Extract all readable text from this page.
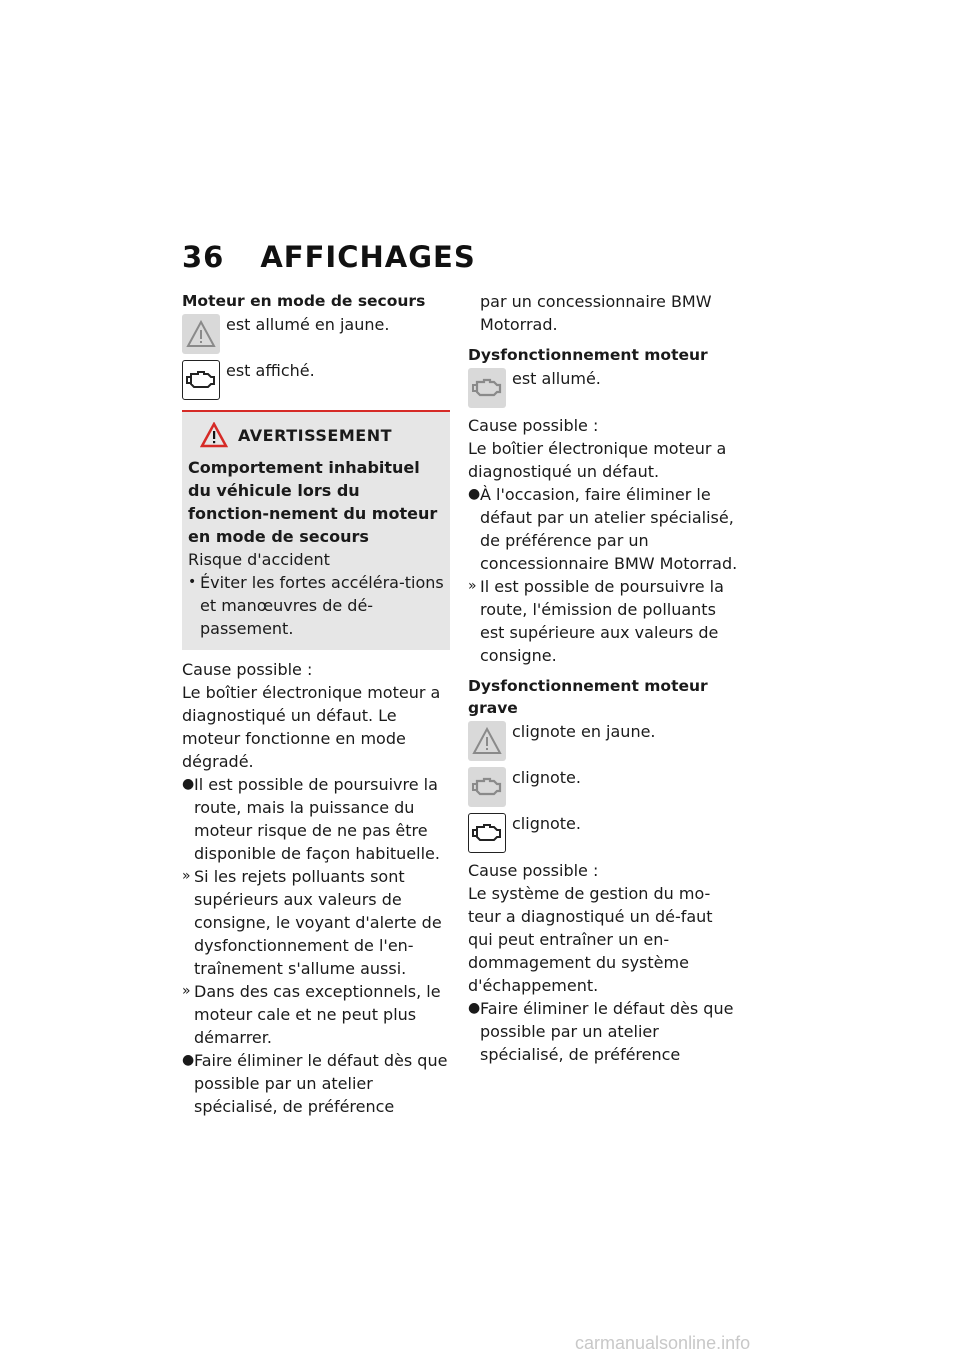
36 AFFICHAGES

Moteur en mode de secours

est allumé en jaune.
est affiché.
AVERTISSEMENT
Comportement inhabituel du véhicule lors du fonction-nement du moteur en mode de secours
Risque d'accident
• Éviter les fortes accéléra-tions et manœuvres de dé-passement.

Cause possible :

Le boîtier électronique moteur a diagnostiqué un défaut. Le moteur fonctionne en mode dégradé.

● Il est possible de poursuivre la route, mais la puissance du moteur risque de ne pas être disponible de façon habituelle.
» Si les rejets polluants sont supérieurs aux valeurs de consigne, le voyant d'alerte de dysfonctionnement de l'en-traînement s'allume aussi.
» Dans des cas exceptionnels, le moteur cale et ne peut plus démarrer.
● Faire éliminer le défaut dès que possible par un atelier spécialisé, de préférence

par un concessionnaire BMW Motorrad.

Dysfonctionnement moteur

est allumé.

Cause possible :

Le boîtier électronique moteur a diagnostiqué un défaut.

● À l'occasion, faire éliminer le défaut par un atelier spécialisé, de préférence par un concessionnaire BMW Motorrad.
» Il est possible de poursuivre la route, l'émission de polluants est supérieure aux valeurs de consigne.

Dysfonctionnement moteur grave

clignote en jaune.
clignote.
clignote.

Cause possible :

Le système de gestion du mo-teur a diagnostiqué un dé-faut qui peut entraîner un en-dommagement du système d'échappement.

● Faire éliminer le défaut dès que possible par un atelier spécialisé, de préférence
carmanualsonline.info
